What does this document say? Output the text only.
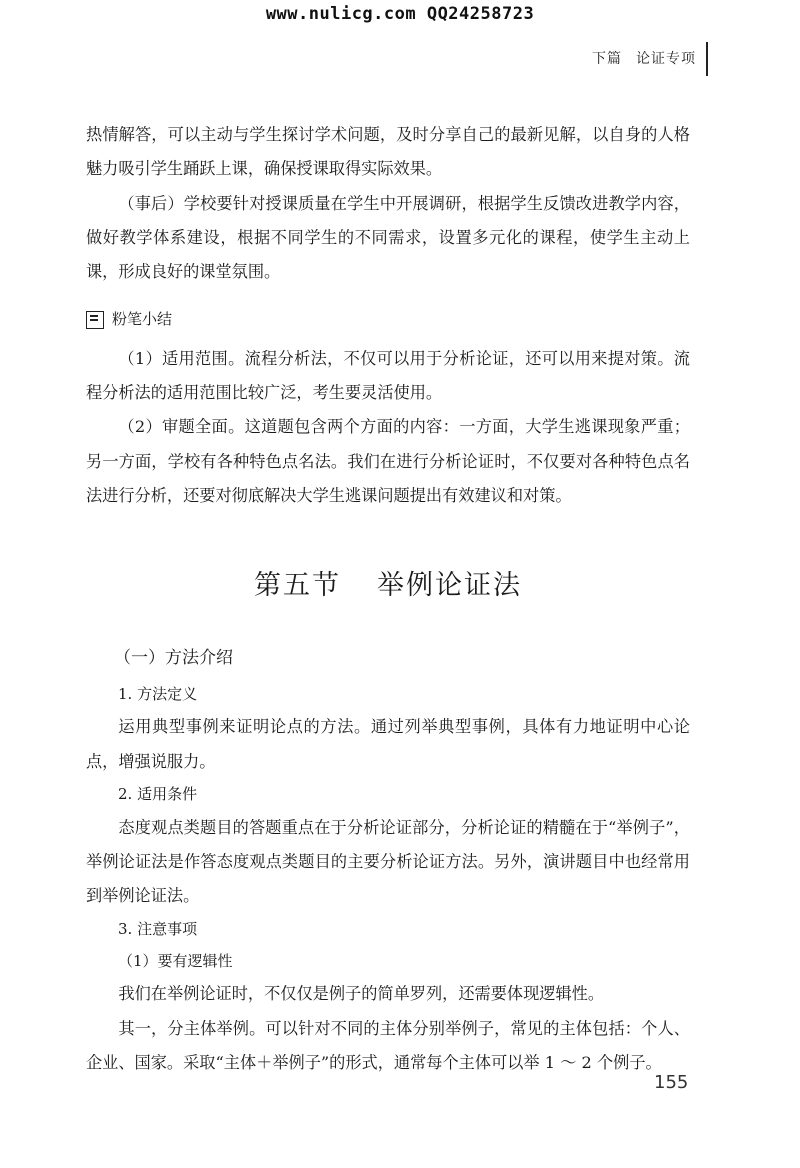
www.nulicg.com QQ24258723
下篇 论证专项

热情解答，可以主动与学生探讨学术问题，及时分享自己的最新见解，以自身的人格魅力吸引学生踊跃上课，确保授课取得实际效果。

（事后）学校要针对授课质量在学生中开展调研，根据学生反馈改进教学内容，做好教学体系建设，根据不同学生的不同需求，设置多元化的课程，使学生主动上课，形成良好的课堂氛围。

粉笔小结

（1）适用范围。流程分析法，不仅可以用于分析论证，还可以用来提对策。流程分析法的适用范围比较广泛，考生要灵活使用。

（2）审题全面。这道题包含两个方面的内容：一方面，大学生逃课现象严重；另一方面，学校有各种特色点名法。我们在进行分析论证时，不仅要对各种特色点名法进行分析，还要对彻底解决大学生逃课问题提出有效建议和对策。

第五节 举例论证法

（一）方法介绍

1. 方法定义

运用典型事例来证明论点的方法。通过列举典型事例，具体有力地证明中心论点，增强说服力。

2. 适用条件

态度观点类题目的答题重点在于分析论证部分，分析论证的精髓在于“举例子”，举例论证法是作答态度观点类题目的主要分析论证方法。另外，演讲题目中也经常用到举例论证法。

3. 注意事项

（1）要有逻辑性

我们在举例论证时，不仅仅是例子的简单罗列，还需要体现逻辑性。

其一，分主体举例。可以针对不同的主体分别举例子，常见的主体包括：个人、企业、国家。采取“主体＋举例子”的形式，通常每个主体可以举 1 ～ 2 个例子。

155
